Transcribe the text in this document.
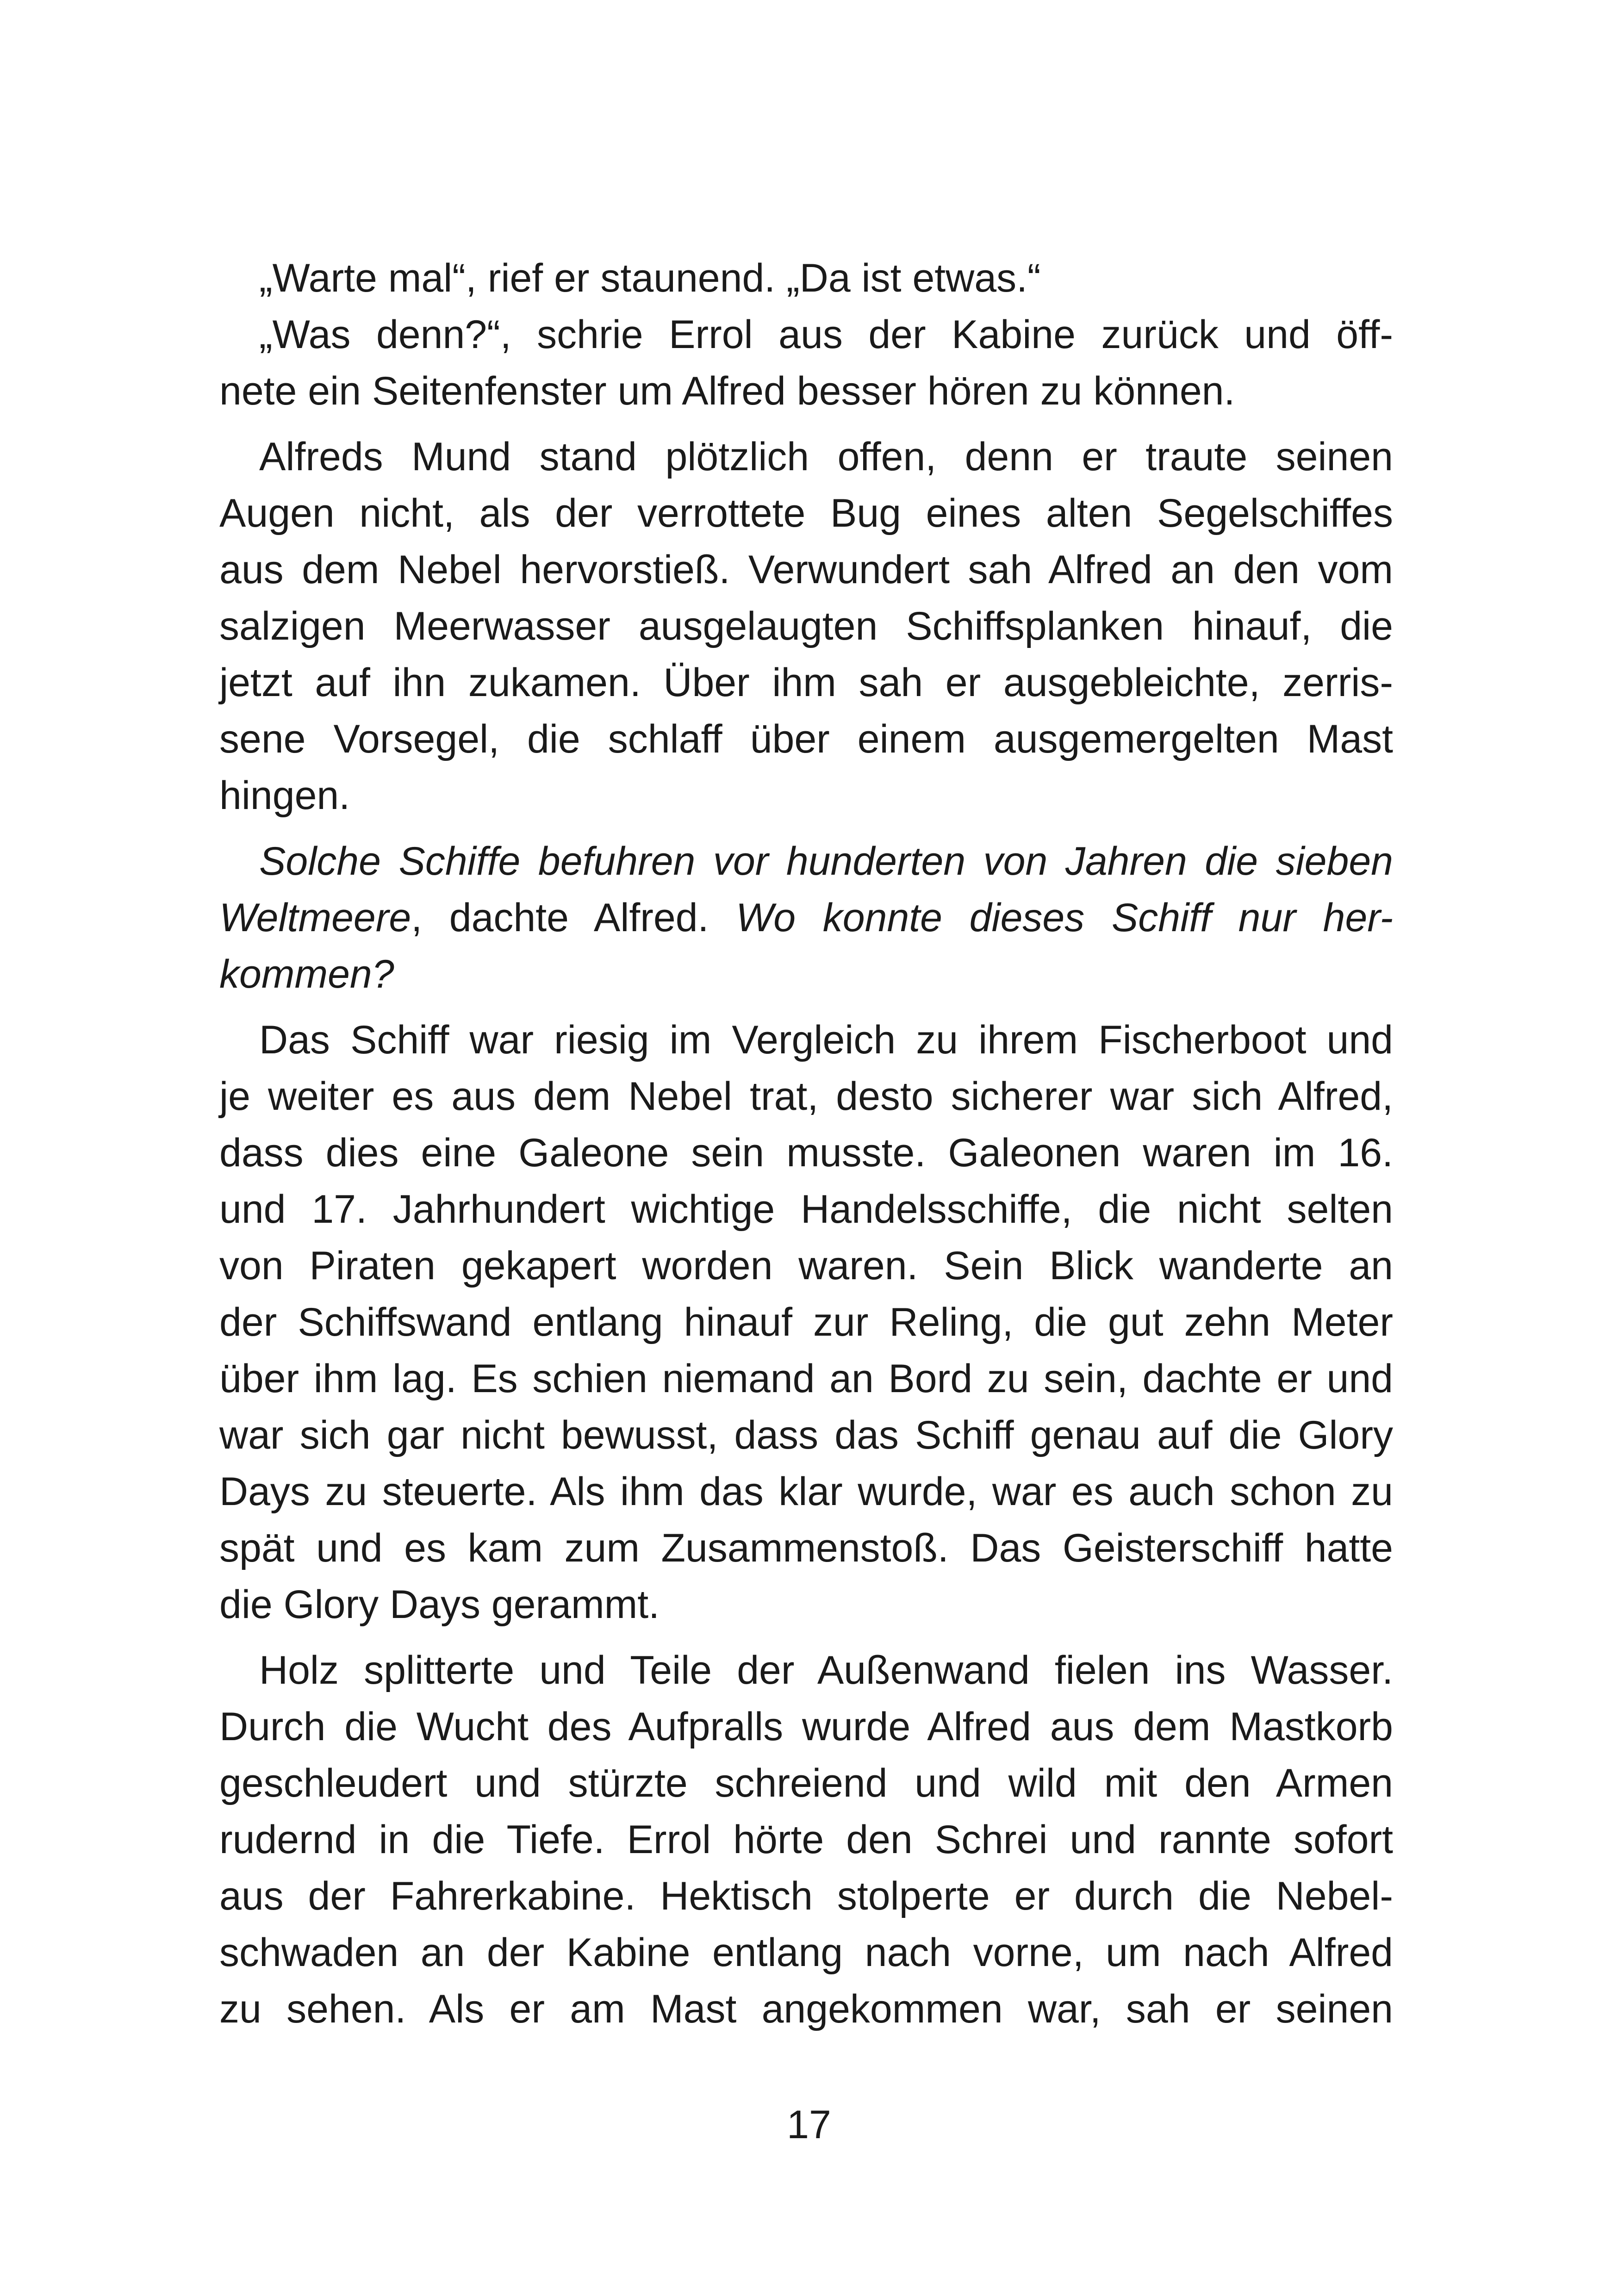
„Warte mal“, rief er staunend. „Da ist etwas.“
„Was denn?“, schrie Errol aus der Kabine zurück und öff-
nete ein Seitenfenster um Alfred besser hören zu können.
Alfreds Mund stand plötzlich offen, denn er traute seinen
Augen nicht, als der verrottete Bug eines alten Segelschiffes
aus dem Nebel hervorstieß. Verwundert sah Alfred an den vom
salzigen Meerwasser ausgelaugten Schiffsplanken hinauf, die
jetzt auf ihn zukamen. Über ihm sah er ausgebleichte, zerris-
sene Vorsegel, die schlaff über einem ausgemergelten Mast
hingen.
Solche Schiffe befuhren vor hunderten von Jahren die sieben
Weltmeere, dachte Alfred. Wo konnte dieses Schiff nur her-
kommen?
Das Schiff war riesig im Vergleich zu ihrem Fischerboot und
je weiter es aus dem Nebel trat, desto sicherer war sich Alfred,
dass dies eine Galeone sein musste. Galeonen waren im 16.
und 17. Jahrhundert wichtige Handelsschiffe, die nicht selten
von Piraten gekapert worden waren. Sein Blick wanderte an
der Schiffswand entlang hinauf zur Reling, die gut zehn Meter
über ihm lag. Es schien niemand an Bord zu sein, dachte er und
war sich gar nicht bewusst, dass das Schiff genau auf die Glory
Days zu steuerte. Als ihm das klar wurde, war es auch schon zu
spät und es kam zum Zusammenstoß. Das Geisterschiff hatte
die Glory Days gerammt.
Holz splitterte und Teile der Außenwand fielen ins Wasser.
Durch die Wucht des Aufpralls wurde Alfred aus dem Mastkorb
geschleudert und stürzte schreiend und wild mit den Armen
rudernd in die Tiefe. Errol hörte den Schrei und rannte sofort
aus der Fahrerkabine. Hektisch stolperte er durch die Nebel-
schwaden an der Kabine entlang nach vorne, um nach Alfred
zu sehen. Als er am Mast angekommen war, sah er seinen
17
